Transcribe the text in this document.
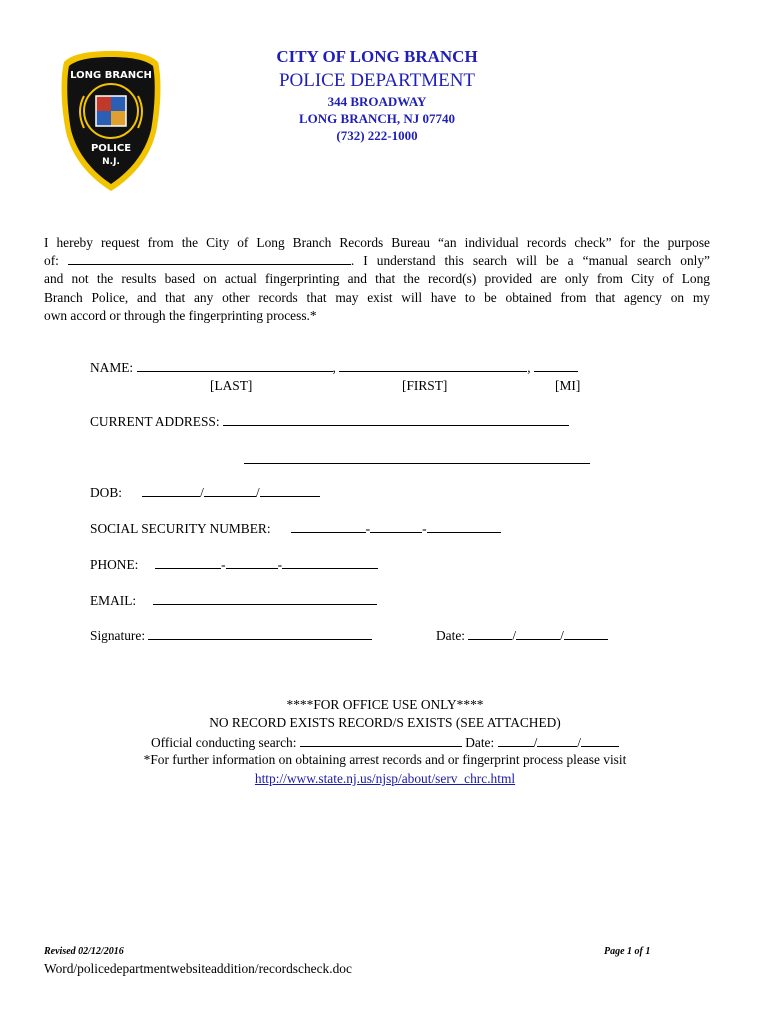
LONG BRANCH
POLICE
N.J.
CITY OF LONG BRANCH
POLICE DEPARTMENT
344 BROADWAY
LONG BRANCH, NJ 07740
(732) 222-1000
I hereby request from the City of Long Branch Records Bureau “an individual records check” for the purpose
of:	. I understand this search will be a “manual search only”
and not the results based on actual fingerprinting and that the record(s) provided are only from City of Long
Branch Police, and that any other records that may exist will have to be obtained from that agency on my
own accord or through the fingerprinting process.*
NAME:	,	,
[LAST]	[FIRST]	[MI]
CURRENT ADDRESS:
DOB:	/	/
SOCIAL SECURITY NUMBER:	-	-
PHONE:	-	-
EMAIL:
Signature:	Date:	/	/
****FOR OFFICE USE ONLY****
NO RECORD EXISTS RECORD/S EXISTS (SEE ATTACHED)
Official conducting search:	Date:	/	/
*For further information on obtaining arrest records and or fingerprint process please visit
http://www.state.nj.us/njsp/about/serv_chrc.html
Revised 02/12/2016	Page 1 of 1
Word/policedepartmentwebsiteaddition/recordscheck.doc
